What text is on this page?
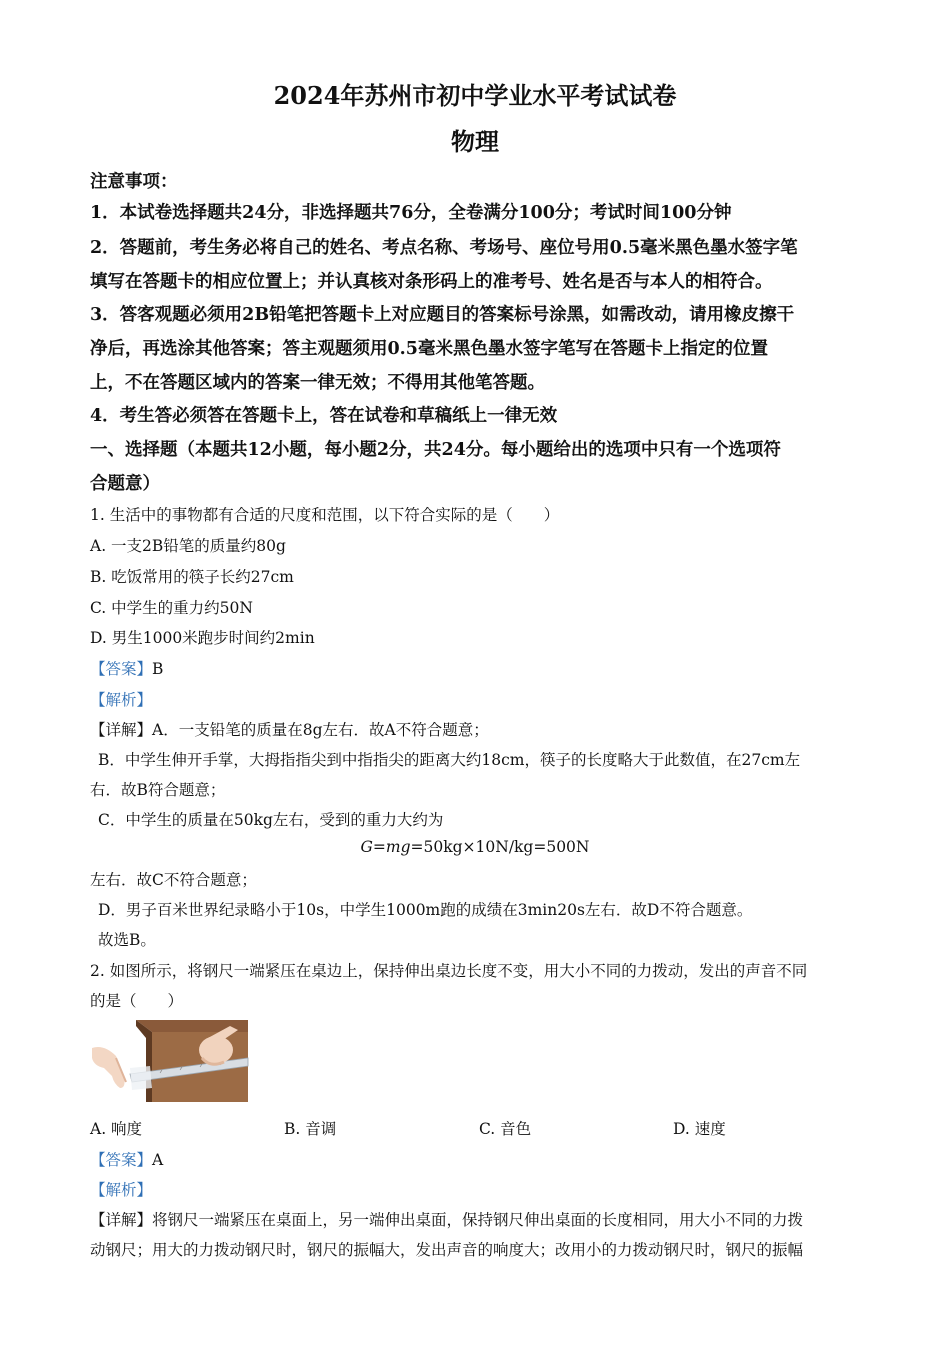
2024年苏州市初中学业水平考试试卷
物理
注意事项：
1．本试卷选择题共24分，非选择题共76分，全卷满分100分；考试时间100分钟
2．答题前，考生务必将自己的姓名、考点名称、考场号、座位号用0.5毫米黑色墨水签字笔
填写在答题卡的相应位置上；并认真核对条形码上的准考号、姓名是否与本人的相符合。
3．答客观题必须用2B铅笔把答题卡上对应题目的答案标号涂黑，如需改动，请用橡皮擦干
净后，再选涂其他答案；答主观题须用0.5毫米黑色墨水签字笔写在答题卡上指定的位置
上，不在答题区域内的答案一律无效；不得用其他笔答题。
4．考生答必须答在答题卡上，答在试卷和草稿纸上一律无效
一、选择题（本题共12小题，每小题2分，共24分。每小题给出的选项中只有一个选项符
合题意）
1. 生活中的事物都有合适的尺度和范围，以下符合实际的是（　　）
A. 一支2B铅笔的质量约80g
B. 吃饭常用的筷子长约27cm
C. 中学生的重力约50N
D. 男生1000米跑步时间约2min
【答案】B
【解析】
【详解】A．一支铅笔的质量在8g左右．故A不符合题意；
B．中学生伸开手掌，大拇指指尖到中指指尖的距离大约18cm，筷子的长度略大于此数值，在27cm左
右．故B符合题意；
C．中学生的质量在50kg左右，受到的重力大约为
G=mg=50kg×10N/kg=500N
左右．故C不符合题意；
D．男子百米世界纪录略小于10s，中学生1000m跑的成绩在3min20s左右．故D不符合题意。
故选B。
2. 如图所示，将钢尺一端紧压在桌边上，保持伸出桌边长度不变，用大小不同的力拨动，发出的声音不同
的是（　　）
A. 响度	B. 音调	C. 音色	D. 速度
【答案】A
【解析】
【详解】将钢尺一端紧压在桌面上，另一端伸出桌面，保持钢尺伸出桌面的长度相同，用大小不同的力拨
动钢尺；用大的力拨动钢尺时，钢尺的振幅大，发出声音的响度大；改用小的力拨动钢尺时，钢尺的振幅
